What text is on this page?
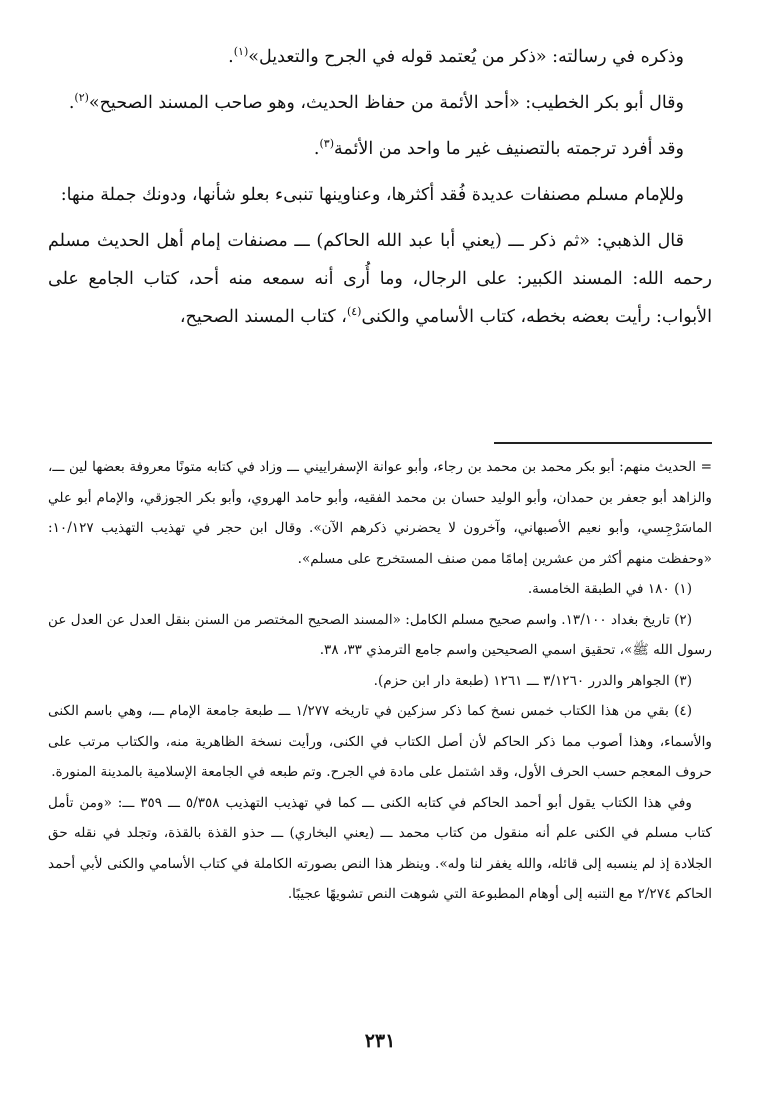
وذكره في رسالته: «ذكر من يُعتمد قوله في الجرح والتعديل»$^{(١)}$.

وقال أبو بكر الخطيب: «أحد الأئمة من حفاظ الحديث، وهو صاحب المسند الصحيح»$^{(٢)}$.

وقد أفرد ترجمته بالتصنيف غير ما واحد من الأئمة$^{(٣)}$.

وللإمام مسلم مصنفات عديدة فُقد أكثرها، وعناوينها تنبىء بعلو شأنها، ودونك جملة منها:

قال الذهبي: «ثم ذكر ـــ (يعني أبا عبد الله الحاكم) ـــ مصنفات إمام أهل الحديث مسلم رحمه الله: المسند الكبير: على الرجال، وما أُرى أنه سمعه منه أحد، كتاب الجامع على الأبواب: رأيت بعضه بخطه، كتاب الأسامي والكنى$^{(٤)}$، كتاب المسند الصحيح،

= الحديث منهم: أبو بكر محمد بن محمد بن رجاء، وأبو عوانة الإسفراييني ـــ وزاد في كتابه متونًا معروفة بعضها لين ـــ، والزاهد أبو جعفر بن حمدان، وأبو الوليد حسان بن محمد الفقيه، وأبو حامد الهروي، وأبو بكر الجوزقي، والإمام أبو علي الماسَرْجِسي، وأبو نعيم الأصبهاني، وآخرون لا يحضرني ذكرهم الآن». وقال ابن حجر في تهذيب التهذيب ١٠/١٢٧: «وحفظت منهم أكثر من عشرين إمامًا ممن صنف المستخرج على مسلم».

(١) ١٨٠ في الطبقة الخامسة.

(٢) تاريخ بغداد ١٣/١٠٠. واسم صحيح مسلم الكامل: «المسند الصحيح المختصر من السنن بنقل العدل عن العدل عن رسول الله ﷺ»، تحقيق اسمي الصحيحين واسم جامع الترمذي ٣٣، ٣٨.

(٣) الجواهر والدرر ٣/١٢٦٠ ـــ ١٢٦١ (طبعة دار ابن حزم).

(٤) بقي من هذا الكتاب خمس نسخ كما ذكر سزكين في تاريخه ١/٢٧٧ ـــ طبعة جامعة الإمام ـــ، وهي باسم الكنى والأسماء، وهذا أصوب مما ذكر الحاكم لأن أصل الكتاب في الكنى، ورأيت نسخة الظاهرية منه، والكتاب مرتب على حروف المعجم حسب الحرف الأول، وقد اشتمل على مادة في الجرح. وتم طبعه في الجامعة الإسلامية بالمدينة المنورة.

وفي هذا الكتاب يقول أبو أحمد الحاكم في كتابه الكنى ـــ كما في تهذيب التهذيب ٥/٣٥٨ ـــ ٣٥٩ ـــ: «ومن تأمل كتاب مسلم في الكنى علم أنه منقول من كتاب محمد ـــ (يعني البخاري) ـــ حذو القذة بالقذة، وتجلد في نقله حق الجلادة إذ لم ينسبه إلى قائله، والله يغفر لنا وله». وينظر هذا النص بصورته الكاملة في كتاب الأسامي والكنى لأبي أحمد الحاكم ٢/٢٧٤ مع التنبه إلى أوهام المطبوعة التي شوهت النص تشويهًا عجيبًا.

٢٣١
